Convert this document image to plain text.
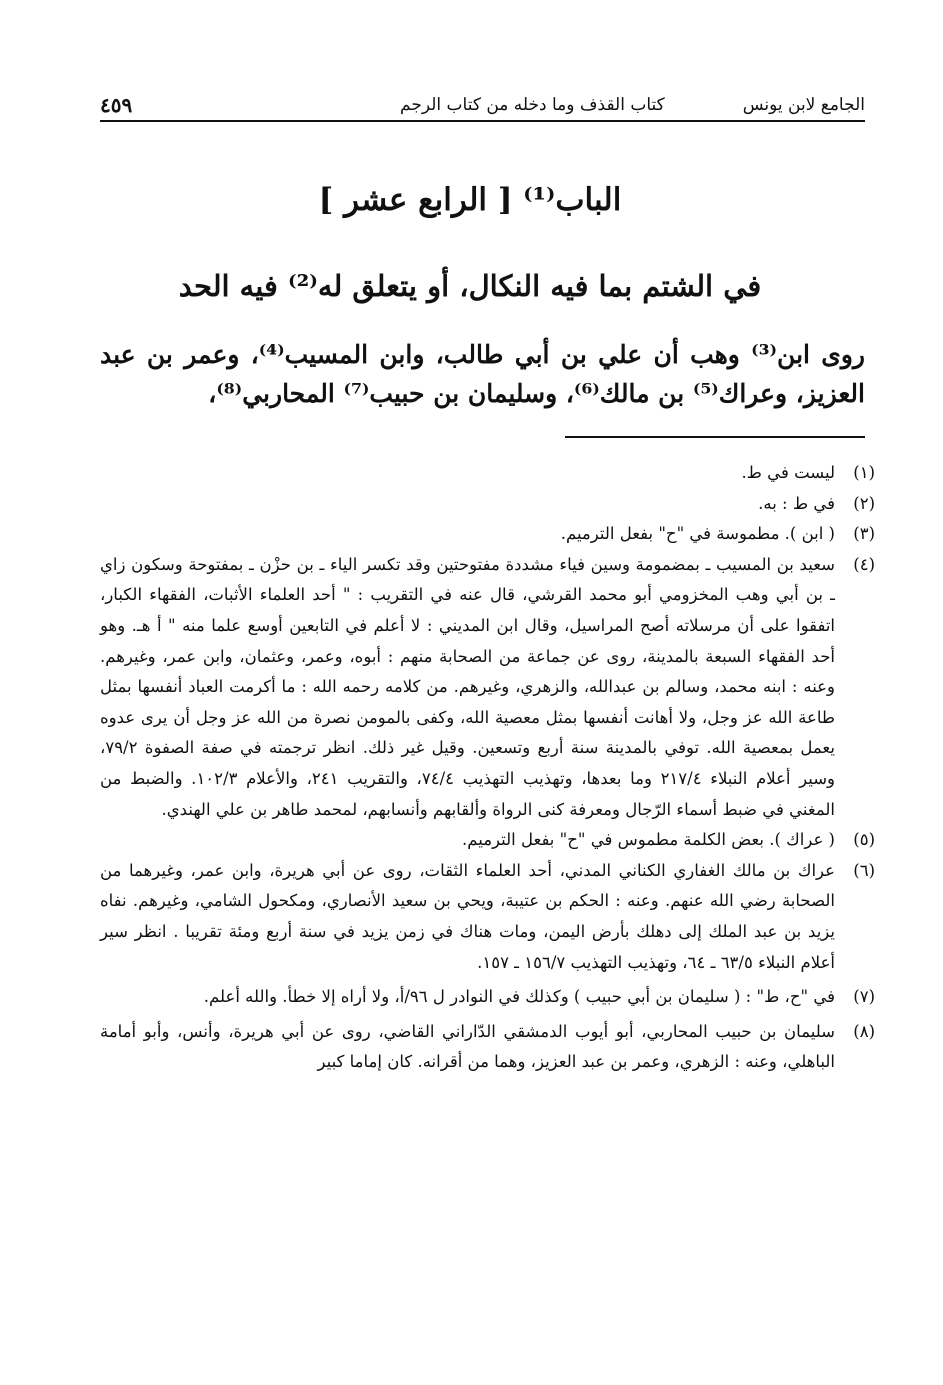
الجامع لابن يونس
كتاب القذف وما دخله من كتاب الرجم
٤٥٩
الباب⁽¹⁾ [ الرابع عشر ]
في الشتم بما فيه النكال، أو يتعلق له⁽²⁾ فيه الحد
روى ابن⁽³⁾ وهب أن علي بن أبي طالب، وابن المسيب⁽⁴⁾، وعمر بن عبد العزيز، وعراك⁽⁵⁾ بن مالك⁽⁶⁾، وسليمان بن حبيب⁽⁷⁾ المحاربي⁽⁸⁾،
(١)
ليست في ط.
(٢)
في ط : به.
(٣)
( ابن ). مطموسة في "ح" بفعل الترميم.
(٤)
سعيد بن المسيب ـ بمضمومة وسين فياء مشددة مفتوحتين وقد تكسر الياء ـ بن حزْن ـ بمفتوحة وسكون زاي ـ بن أبي وهب المخزومي أبو محمد القرشي، قال عنه في التقريب : " أحد العلماء الأثبات، الفقهاء الكبار، اتفقوا على أن مرسلاته أصح المراسيل، وقال ابن المديني : لا أعلم في التابعين أوسع علما منه " أ هـ. وهو أحد الفقهاء السبعة بالمدينة، روى عن جماعة من الصحابة منهم : أبوه، وعمر، وعثمان، وابن عمر، وغيرهم. وعنه : ابنه محمد، وسالم بن عبدالله، والزهري، وغيرهم. من كلامه رحمه الله : ما أكرمت العباد أنفسها بمثل طاعة الله عز وجل، ولا أهانت أنفسها بمثل معصية الله، وكفى بالمومن نصرة من الله عز وجل أن يرى عدوه يعمل بمعصية الله. توفي بالمدينة سنة أربع وتسعين. وقيل غير ذلك. انظر ترجمته في صفة الصفوة ٧٩/٢، وسير أعلام النبلاء ٢١٧/٤ وما بعدها، وتهذيب التهذيب ٧٤/٤، والتقريب ٢٤١، والأعلام ١٠٢/٣. والضبط من المغني في ضبط أسماء الرّجال ومعرفة كنى الرواة وألقابهم وأنسابهم، لمحمد طاهر بن علي الهندي.
(٥)
( عراك ). بعض الكلمة مطموس في "ح" بفعل الترميم.
(٦)
عراك بن مالك الغفاري الكناني المدني، أحد العلماء الثقات، روى عن أبي هريرة، وابن عمر، وغيرهما من الصحابة رضي الله عنهم. وعنه : الحكم بن عتيبة، ويحي بن سعيد الأنصاري، ومكحول الشامي، وغيرهم. نفاه يزيد بن عبد الملك إلى دهلك بأرض اليمن، ومات هناك في زمن يزيد في سنة أربع ومئة تقريبا . انظر سير أعلام النبلاء ٦٣/٥ ـ ٦٤، وتهذيب التهذيب ١٥٦/٧ ـ ١٥٧.
(٧)
في "ح، ط" : ( سليمان بن أبي حبيب ) وكذلك في النوادر ل ٩٦/أ، ولا أراه إلا خطأ. والله أعلم.
(٨)
سليمان بن حبيب المحاربي، أبو أيوب الدمشقي الدّاراني القاضي، روى عن أبي هريرة، وأنس، وأبو أمامة الباهلي، وعنه : الزهري، وعمر بن عبد العزيز، وهما من أقرانه. كان إماما كبير
